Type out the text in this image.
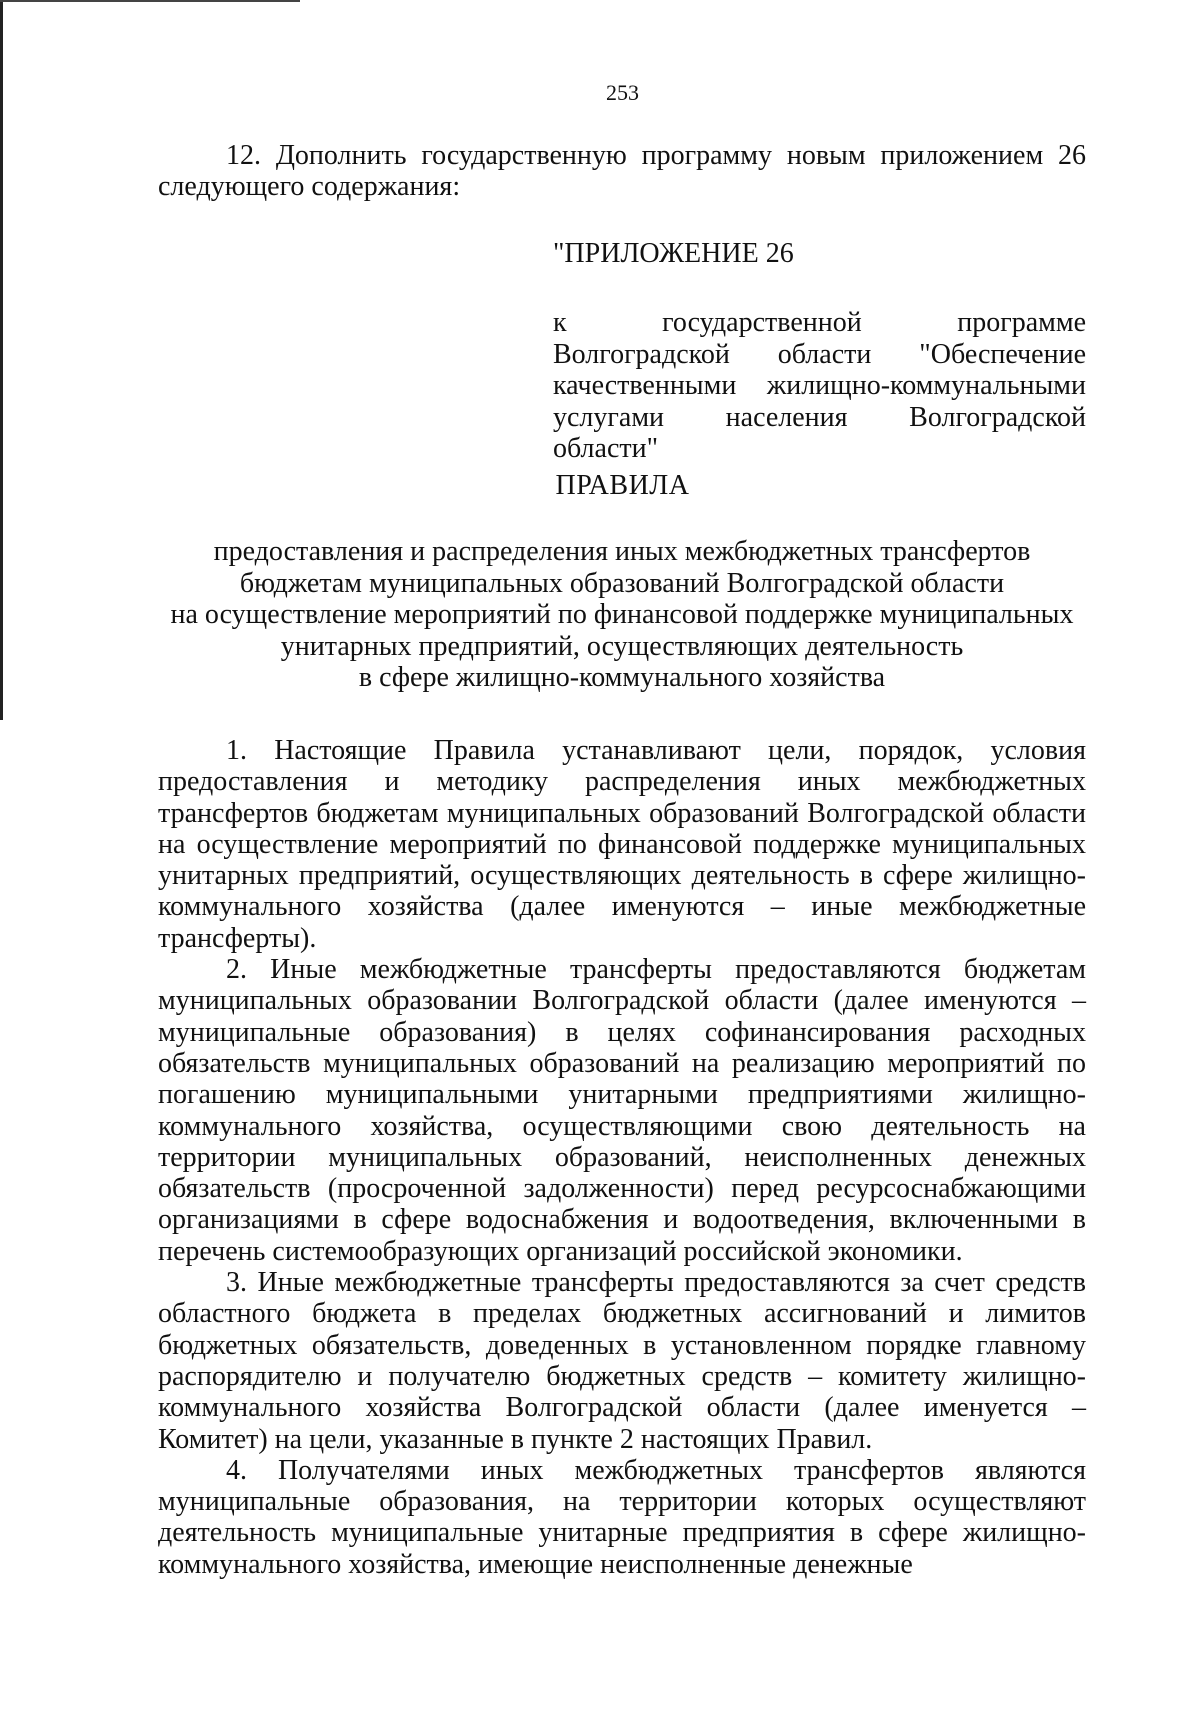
253
12. Дополнить государственную программу новым приложением 26 следующего содержания:
"ПРИЛОЖЕНИЕ 26
к государственной программе Волгоградской области "Обеспечение качественными жилищно-коммунальными услугами населения Волгоградской области"
ПРАВИЛА
предоставления и распределения иных межбюджетных трансфертов
бюджетам муниципальных образований Волгоградской области
на осуществление мероприятий по финансовой поддержке муниципальных
унитарных предприятий, осуществляющих деятельность
в сфере жилищно-коммунального хозяйства

1. Настоящие Правила устанавливают цели, порядок, условия предоставления и методику распределения иных межбюджетных трансфертов бюджетам муниципальных образований Волгоградской области на осуществление мероприятий по финансовой поддержке муниципальных унитарных предприятий, осуществляющих деятельность в сфере жилищно-коммунального хозяйства (далее именуются – иные межбюджетные трансферты).

2. Иные межбюджетные трансферты предоставляются бюджетам муниципальных образовании Волгоградской области (далее именуются – муниципальные образования) в целях софинансирования расходных обязательств муниципальных образований на реализацию мероприятий по погашению муниципальными унитарными предприятиями жилищно-коммунального хозяйства, осуществляющими свою деятельность на территории муниципальных образований, неисполненных денежных обязательств (просроченной задолженности) перед ресурсоснабжающими организациями в сфере водоснабжения и водоотведения, включенными в перечень системообразующих организаций российской экономики.

3. Иные межбюджетные трансферты предоставляются за счет средств областного бюджета в пределах бюджетных ассигнований и лимитов бюджетных обязательств, доведенных в установленном порядке главному распорядителю и получателю бюджетных средств – комитету жилищно-коммунального хозяйства Волгоградской области (далее именуется – Комитет) на цели, указанные в пункте 2 настоящих Правил.

4. Получателями иных межбюджетных трансфертов являются муниципальные образования, на территории которых осуществляют деятельность муниципальные унитарные предприятия в сфере жилищно-коммунального хозяйства, имеющие неисполненные денежные
